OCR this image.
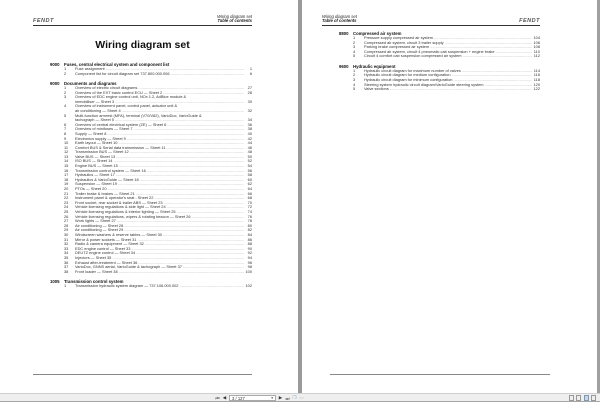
FENDT
Wiring diagram set
Table of contents
Wiring diagram set
9000	Fuses, central electrical system and component list
1	Fuse assignment .....	1
2	Component list for circuit diagram set 737.800.000.006 .....	6
9000	Documents and diagrams
1	Overview of electric circuit diagrams .....	27
2	Overview of the EXT basic control ECU — Sheet 2 .....	28
3	Overview of EDC engine control unit, NOx 1.2, AdBlue module &
immobiliser — Sheet 3 .....	30
4	Overview of instrument panel, control panel, actuator unit &
air conditioning — Sheet 4 .....	32
5	Multi-function armrest (MFA), terminal (V70/V82), VarioDoc, VarioGuide &
tachograph — Sheet 5 .....	34
6	Overview of central electrical system (ZE) — Sheet 6 .....	36
7	Overview of minifuses — Sheet 7 .....	38
8	Supply — Sheet 8 .....	40
9	Electronics supply — Sheet 9 .....	42
10	Earth layout — Sheet 10 .....	44
11	Comfort BUS & Serial data transmission — Sheet 11 .....	46
12	Transmission BUS — Sheet 12 .....	48
13	Valve BUS — Sheet 13 .....	50
14	ISO BUS — Sheet 14 .....	52
15	Engine BUS — Sheet 15 .....	54
16	Transmission control system — Sheet 16 .....	56
17	Hydraulics — Sheet 17 .....	58
18	Hydraulics & VarioGuide — Sheet 18 .....	60
19	Suspension — Sheet 19 .....	62
20	PTOs — Sheet 20 .....	64
21	Trailer brake & brakes — Sheet 21 .....	66
22	Instrument panel & operator's seat - Sheet 22 .....	68
23	Front socket, rear socket & trailer ABS — Sheet 23 .....	70
24	Vehicle licensing regulations & side light — Sheet 24 .....	72
25	Vehicle licensing regulations & interior lighting — Sheet 25 .....	74
26	Vehicle licensing regulations, wipers & rotating beacon — Sheet 26 .....	76
27	Work lights — Sheet 27 .....	78
28	Air conditioning — Sheet 28 .....	80
29	Air conditioning — Sheet 29 .....	82
30	Windscreen washers & reserve tables — Sheet 30 .....	84
31	Mirror & power sockets — Sheet 31 .....	86
32	Radio & camera equipment — Sheet 32 .....	88
33	EDC engine control — Sheet 33 .....	90
34	DEUTZ engine control — Sheet 34 .....	92
35	Injectors — Sheet 35 .....	94
36	Exhaust after-treatment — Sheet 36 .....	96
37	VarioDoc, GNNS aerial, VarioGuide & tachograph — Sheet 37 .....	98
38	Front loader — Sheet 38 .....	100
1005	Transmission control system
1	Transmission hydraulic system diagram — 737.106.000.002 .....	102
Wiring diagram set
Table of contents	FENDT
8800	Compressed air system
1	Pressure supply compressed air system .....	104
2	Compressed air system, circuit 3 trailer supply .....	106
3	Parking brake compressed air system .....	108
4	Compressed air system, circuit 4 pneumatic cab suspension + engine brake .....	110
5	Circuit 4 comfort cab suspension compressed air system .....	112
9600	Hydraulic equipment
1	Hydraulic circuit diagram for maximum number of valves .....	114
2	Hydraulic circuit diagram for medium configuration .....	116
3	Hydraulic circuit diagram for minimum configuration .....	118
4	Steering system hydraulic circuit diagram/VarioGuide steering system .....	120
5	Valve sections .....	122
⏮ ◀	3 / 127	▾ ▶ ⏭ ❐ ▭
